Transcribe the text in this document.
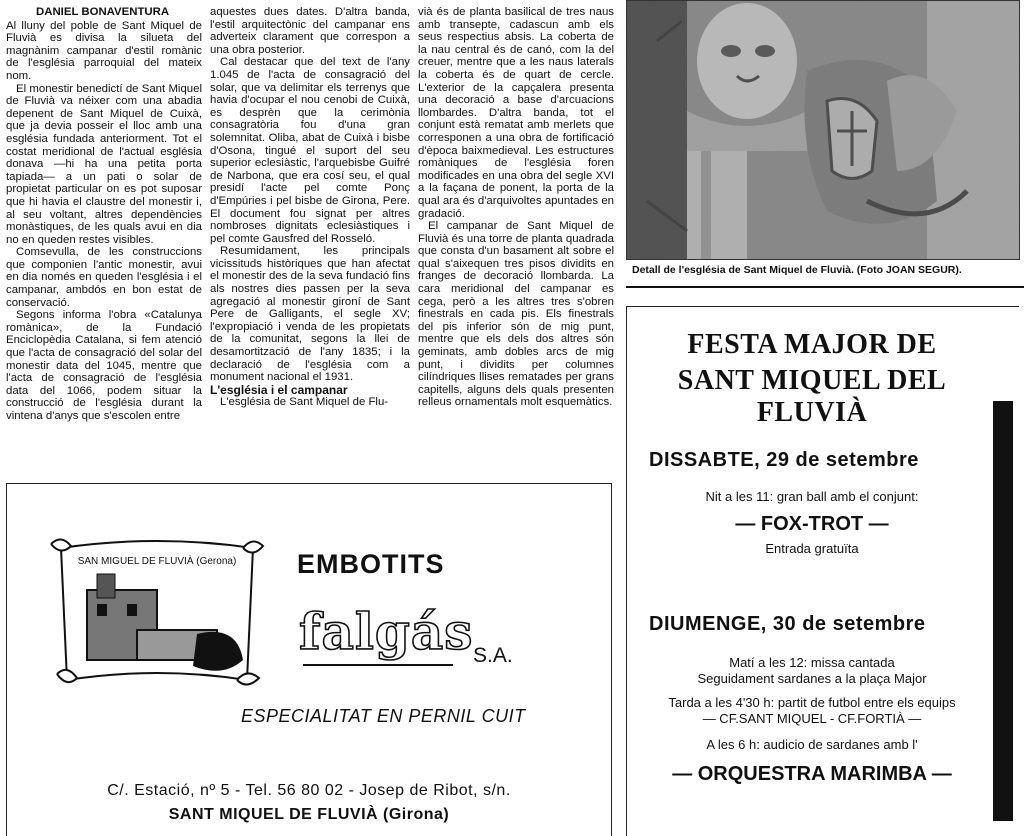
DANIEL BONAVENTURA

Al lluny del poble de Sant Miquel de Fluvià es divisa la silueta del magnànim campanar d'estil romànic de l'església parroquial del mateix nom.

El monestir benedictí de Sant Miquel de Fluvià va néixer com una abadia depenent de Sant Miquel de Cuixà, que ja devia posseir el lloc amb una església fundada anteriorment. Tot el costat meridional de l'actual església donava —hi ha una petita porta tapiada— a un pati o solar de propietat particular on es pot suposar que hi havia el claustre del monestir i, al seu voltant, altres dependències monàstiques, de les quals avui en dia no en queden restes visibles.

Comsevulla, de les construccions que componien l'antic monestir, avui en dia només en queden l'església i el campanar, ambdós en bon estat de conservació.

Segons informa l'obra «Catalunya romànica», de la Fundació Enciclopèdia Catalana, si fem atenció que l'acta de consagració del solar del monestir data del 1045, mentre que l'acta de consagració de l'església data del 1066, podem situar la construcció de l'església durant la vintena d'anys que s'escolen entre

aquestes dues dates. D'altra banda, l'estil arquitectònic del campanar ens adverteix clarament que correspon a una obra posterior.

Cal destacar que del text de l'any 1.045 de l'acta de consagració del solar, que va delimitar els terrenys que havia d'ocupar el nou cenobi de Cuixà, es desprèn que la cerimònia consagratòria fou d'una gran solemnitat. Oliba, abat de Cuixà i bisbe d'Osona, tingué el suport del seu superior eclesiàstic, l'arquebisbe Guifré de Narbona, que era cosí seu, el qual presidí l'acte pel comte Ponç d'Empúries i pel bisbe de Girona, Pere. El document fou signat per altres nombroses dignitats eclesiàstiques i pel comte Gausfred del Rosseló.

Resumidament, les principals vicissituds històriques que han afectat el monestir des de la seva fundació fins als nostres dies passen per la seva agregació al monestir gironí de Sant Pere de Galligants, el segle XV; l'expropiació i venda de les propietats de la comunitat, segons la llei de desamortització de l'any 1835; i la declaració de l'església com a monument nacional el 1931.

L'església i el campanar

L'església de Sant Miquel de Flu-

vià és de planta basilical de tres naus amb transepte, cadascun amb els seus respectius absis. La coberta de la nau central és de canó, com la del creuer, mentre que a les naus laterals la coberta és de quart de cercle. L'exterior de la capçalera presenta una decoració a base d'arcuacions llombardes. D'altra banda, tot el conjunt està rematat amb merlets que corresponen a una obra de fortificació d'època baixmedieval. Les estructures romàniques de l'església foren modificades en una obra del segle XVI a la façana de ponent, la porta de la qual ara és d'arquivoltes apuntades en gradació.

El campanar de Sant Miquel de Fluvià és una torre de planta quadrada que consta d'un basament alt sobre el qual s'aixequen tres pisos dividits en franges de decoració llombarda. La cara meridional del campanar es cega, però a les altres tres s'obren finestrals en cada pis. Els finestrals del pis inferior són de mig punt, mentre que els dels dos altres són geminats, amb dobles arcs de mig punt, i dividits per columnes cilíndriques llises rematades per grans capitells, alguns dels quals presenten relleus ornamentals molt esquemàtics.

Detall de l'església de Sant Miquel de Fluvià. (Foto JOAN SEGUR).
FESTA MAJOR DE
SANT MIQUEL DEL FLUVIÀ
DISSABTE, 29 de setembre
Nit a les 11: gran ball amb el conjunt:
— FOX-TROT —
Entrada gratuïta
DIUMENGE, 30 de setembre
Matí a les 12: missa cantada
Seguidament sardanes a la plaça Major
Tarda a les 4'30 h: partit de futbol entre els equips
— CF.SANT MIQUEL - CF.FORTIÀ —
A les 6 h: audicio de sardanes amb l'
— ORQUESTRA MARIMBA —
SAN MIGUEL DE FLUVIÀ (Gerona) EMBOTITS
falgás S.A.
ESPECIALITAT EN PERNIL CUIT
C/. Estació, nº 5 - Tel. 56 80 02 - Josep de Ribot, s/n.
SANT MIQUEL DE FLUVIÀ (Girona)
